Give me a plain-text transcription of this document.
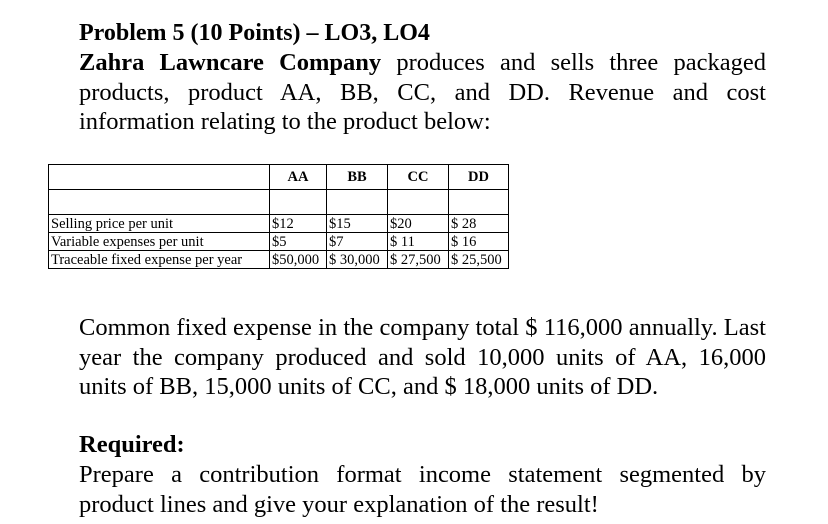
Problem 5 (10 Points) – LO3, LO4

Zahra Lawncare Company produces and sells three packaged products, product AA, BB, CC, and DD. Revenue and cost information relating to the product below:

	AA	BB	CC	DD

Selling price per unit	$12	$15	$20	$ 28
Variable expenses per unit	$5	$7	$ 11	$ 16
Traceable fixed expense per year	$50,000	$ 30,000	$ 27,500	$ 25,500

Common fixed expense in the company total $ 116,000 annually. Last year the company produced and sold 10,000 units of AA, 16,000 units of BB, 15,000 units of CC, and $ 18,000 units of DD.

Required:

Prepare a contribution format income statement segmented by product lines and give your explanation of the result!
